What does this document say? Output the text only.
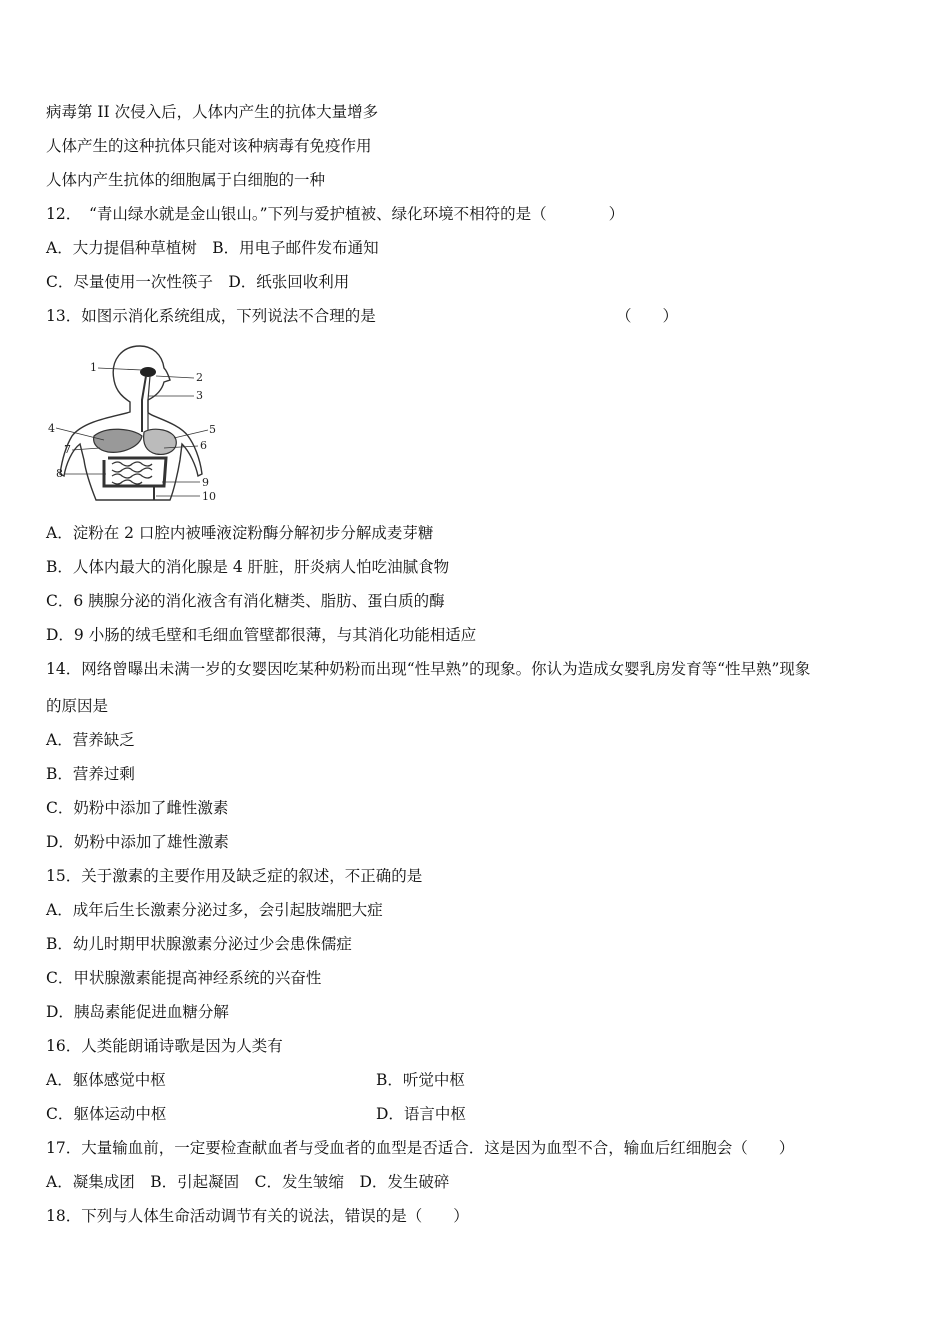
病毒第 II 次侵入后，人体内产生的抗体大量增多
人体产生的这种抗体只能对该种病毒有免疫作用
人体内产生抗体的细胞属于白细胞的一种
12．　“青山绿水就是金山银山。”下列与爱护植被、绿化环境不相符的是（　　　　）
A．大力提倡种草植树　B．用电子邮件发布通知
C．尽量使用一次性筷子　D．纸张回收利用
13．如图示消化系统组成，下列说法不合理的是	（　　）
1
2
3
4	5
6
7
8
9
10
A．淀粉在 2 口腔内被唾液淀粉酶分解初步分解成麦芽糖
B．人体内最大的消化腺是 4 肝脏，肝炎病人怕吃油腻食物
C．6 胰腺分泌的消化液含有消化糖类、脂肪、蛋白质的酶
D．9 小肠的绒毛壁和毛细血管壁都很薄，与其消化功能相适应
14．网络曾曝出未满一岁的女婴因吃某种奶粉而出现“性早熟”的现象。你认为造成女婴乳房发育等“性早熟”现象
的原因是
A．营养缺乏
B．营养过剩
C．奶粉中添加了雌性激素
D．奶粉中添加了雄性激素
15．关于激素的主要作用及缺乏症的叙述，不正确的是
A．成年后生长激素分泌过多，会引起肢端肥大症
B．幼儿时期甲状腺激素分泌过少会患侏儒症
C．甲状腺激素能提高神经系统的兴奋性
D．胰岛素能促进血糖分解
16．人类能朗诵诗歌是因为人类有
A．躯体感觉中枢	B．听觉中枢
C．躯体运动中枢	D．语言中枢
17．大量输血前，一定要检查献血者与受血者的血型是否适合．这是因为血型不合，输血后红细胞会（　　）
A．凝集成团　B．引起凝固　C．发生皱缩　D．发生破碎
18．下列与人体生命活动调节有关的说法，错误的是（　　）
